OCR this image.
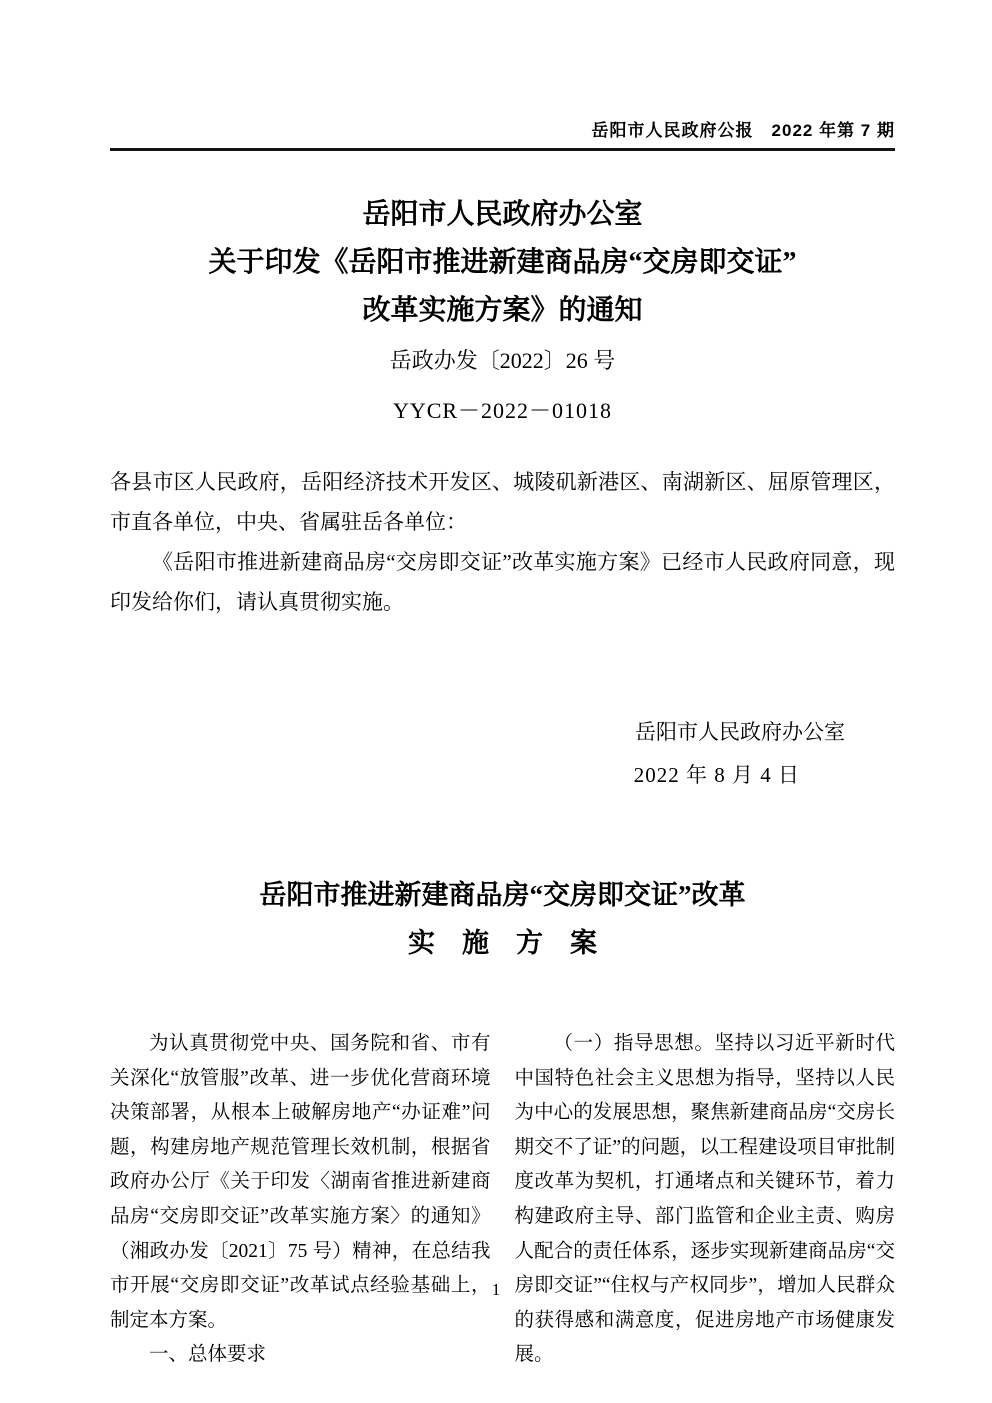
岳阳市人民政府公报 2022 年第 7 期
岳阳市人民政府办公室
关于印发《岳阳市推进新建商品房“交房即交证”
改革实施方案》的通知
岳政办发〔2022〕26 号
YYCR－2022－01018

各县市区人民政府，岳阳经济技术开发区、城陵矶新港区、南湖新区、屈原管理区，市直各单位，中央、省属驻岳各单位：

《岳阳市推进新建商品房“交房即交证”改革实施方案》已经市人民政府同意，现印发给你们，请认真贯彻实施。

岳阳市人民政府办公室
2022 年 8 月 4 日
岳阳市推进新建商品房“交房即交证”改革
实　施　方　案

为认真贯彻党中央、国务院和省、市有关深化“放管服”改革、进一步优化营商环境决策部署，从根本上破解房地产“办证难”问题，构建房地产规范管理长效机制，根据省政府办公厅《关于印发〈湖南省推进新建商品房“交房即交证”改革实施方案〉的通知》（湘政办发〔2021〕75 号）精神，在总结我市开展“交房即交证”改革试点经验基础上，制定本方案。

一、总体要求

（一）指导思想。坚持以习近平新时代中国特色社会主义思想为指导，坚持以人民为中心的发展思想，聚焦新建商品房“交房长期交不了证”的问题，以工程建设项目审批制度改革为契机，打通堵点和关键环节，着力构建政府主导、部门监管和企业主责、购房人配合的责任体系，逐步实现新建商品房“交房即交证”“住权与产权同步”，增加人民群众的获得感和满意度，促进房地产市场健康发展。

1
